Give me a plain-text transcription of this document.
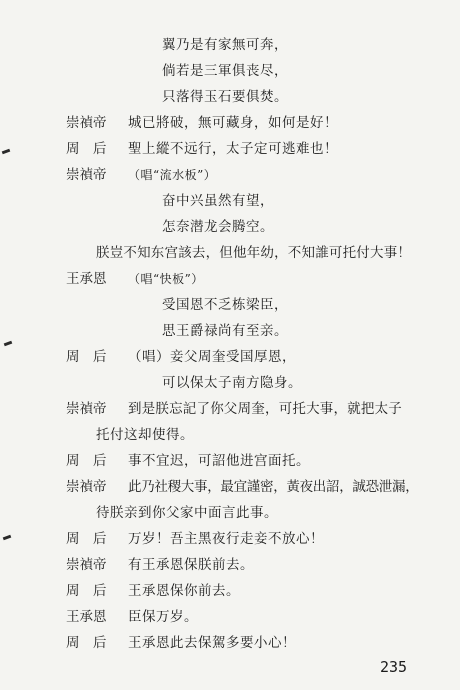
翼乃是有家無可奔，
倘若是三軍俱丧尽，
只落得玉石要俱焚。
崇禎帝 城已將破，無可藏身，如何是好！
周　后 聖上縱不远行，太子定可逃难也！
崇禎帝 （唱“流水板”）
奋中兴虽然有望，
怎奈潜龙会腾空。
朕豈不知东宫該去，但他年幼，不知誰可托付大事！
王承恩 （唱“快板”）
受国恩不乏栋梁臣，
思王爵禄尚有至亲。
周　后 （唱）妾父周奎受国厚恩，
可以保太子南方隐身。
崇禎帝 到是朕忘記了你父周奎，可托大事，就把太子
托付这却使得。
周　后 事不宜迟，可詔他进宫面托。
崇禎帝 此乃社稷大事，最宜謹密，黃夜出詔，誠恐泄漏，
待朕亲到你父家中面言此事。
周　后 万岁！吾主黑夜行走妾不放心！
崇禎帝 有王承恩保朕前去。
周　后 王承恩保你前去。
王承恩 臣保万岁。
周　后 王承恩此去保駕多要小心！
235
